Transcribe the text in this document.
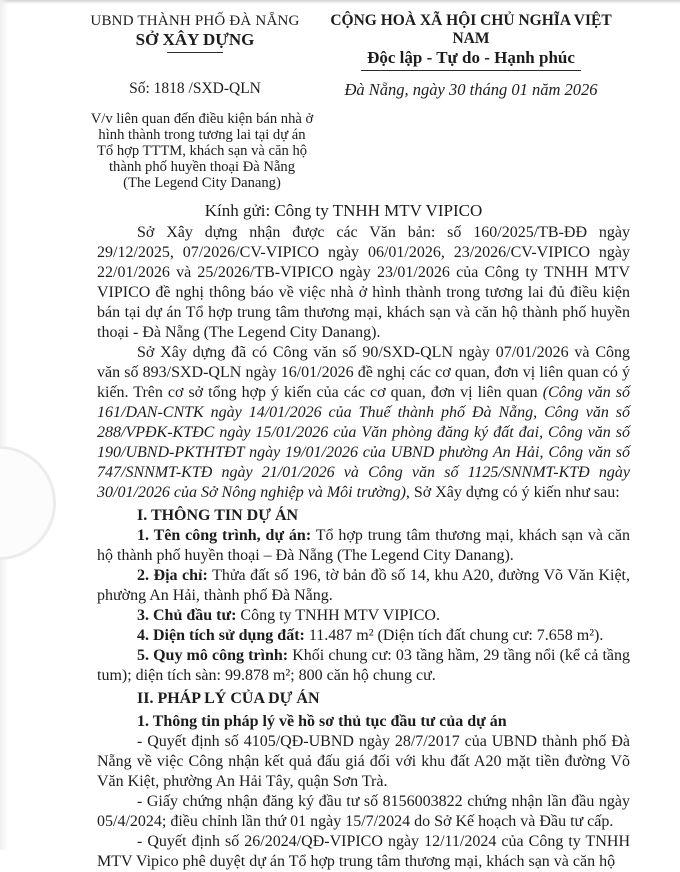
UBND THÀNH PHỐ ĐÀ NẴNG
SỞ XÂY DỰNG
CỘNG HOÀ XÃ HỘI CHỦ NGHĨA VIỆT NAM
Độc lập - Tự do - Hạnh phúc
Số: 1818 /SXD-QLN	Đà Nẵng, ngày 30 tháng 01 năm 2026
V/v liên quan đến điều kiện bán nhà ở
hình thành trong tương lai tại dự án
Tổ hợp TTTM, khách sạn và căn hộ
thành phố huyền thoại Đà Nẵng
(The Legend City Danang)
Kính gửi: Công ty TNHH MTV VIPICO

Sở Xây dựng nhận được các Văn bản: số 160/2025/TB-ĐĐ ngày 29/12/2025, 07/2026/CV-VIPICO ngày 06/01/2026, 23/2026/CV-VIPICO ngày 22/01/2026 và 25/2026/TB-VIPICO ngày 23/01/2026 của Công ty TNHH MTV VIPICO đề nghị thông báo về việc nhà ở hình thành trong tương lai đủ điều kiện bán tại dự án Tổ hợp trung tâm thương mại, khách sạn và căn hộ thành phố huyền thoại - Đà Nẵng (The Legend City Danang).

Sở Xây dựng đã có Công văn số 90/SXD-QLN ngày 07/01/2026 và Công văn số 893/SXD-QLN ngày 16/01/2026 đề nghị các cơ quan, đơn vị liên quan có ý kiến. Trên cơ sở tổng hợp ý kiến của các cơ quan, đơn vị liên quan (Công văn số 161/DAN-CNTK ngày 14/01/2026 của Thuế thành phố Đà Nẵng, Công văn số 288/VPĐK-KTĐC ngày 15/01/2026 của Văn phòng đăng ký đất đai, Công văn số 190/UBND-PKTHTĐT ngày 19/01/2026 của UBND phường An Hải, Công văn số 747/SNNMT-KTĐ ngày 21/01/2026 và Công văn số 1125/SNNMT-KTĐ ngày 30/01/2026 của Sở Nông nghiệp và Môi trường), Sở Xây dựng có ý kiến như sau:

I. THÔNG TIN DỰ ÁN

1. Tên công trình, dự án: Tổ hợp trung tâm thương mại, khách sạn và căn hộ thành phố huyền thoại – Đà Nẵng (The Legend City Danang).

2. Địa chỉ: Thửa đất số 196, tờ bản đồ số 14, khu A20, đường Võ Văn Kiệt, phường An Hải, thành phố Đà Nẵng.

3. Chủ đầu tư: Công ty TNHH MTV VIPICO.

4. Diện tích sử dụng đất: 11.487 m² (Diện tích đất chung cư: 7.658 m²).

5. Quy mô công trình: Khối chung cư: 03 tầng hầm, 29 tầng nổi (kể cả tầng tum); diện tích sàn: 99.878 m²; 800 căn hộ chung cư.

II. PHÁP LÝ CỦA DỰ ÁN

1. Thông tin pháp lý về hồ sơ thủ tục đầu tư của dự án

- Quyết định số 4105/QĐ-UBND ngày 28/7/2017 của UBND thành phố Đà Nẵng về việc Công nhận kết quả đấu giá đối với khu đất A20 mặt tiền đường Võ Văn Kiệt, phường An Hải Tây, quận Sơn Trà.

- Giấy chứng nhận đăng ký đầu tư số 8156003822 chứng nhận lần đầu ngày 05/4/2024; điều chỉnh lần thứ 01 ngày 15/7/2024 do Sở Kế hoạch và Đầu tư cấp.

- Quyết định số 26/2024/QĐ-VIPICO ngày 12/11/2024 của Công ty TNHH MTV Vipico phê duyệt dự án Tổ hợp trung tâm thương mại, khách sạn và căn hộ
